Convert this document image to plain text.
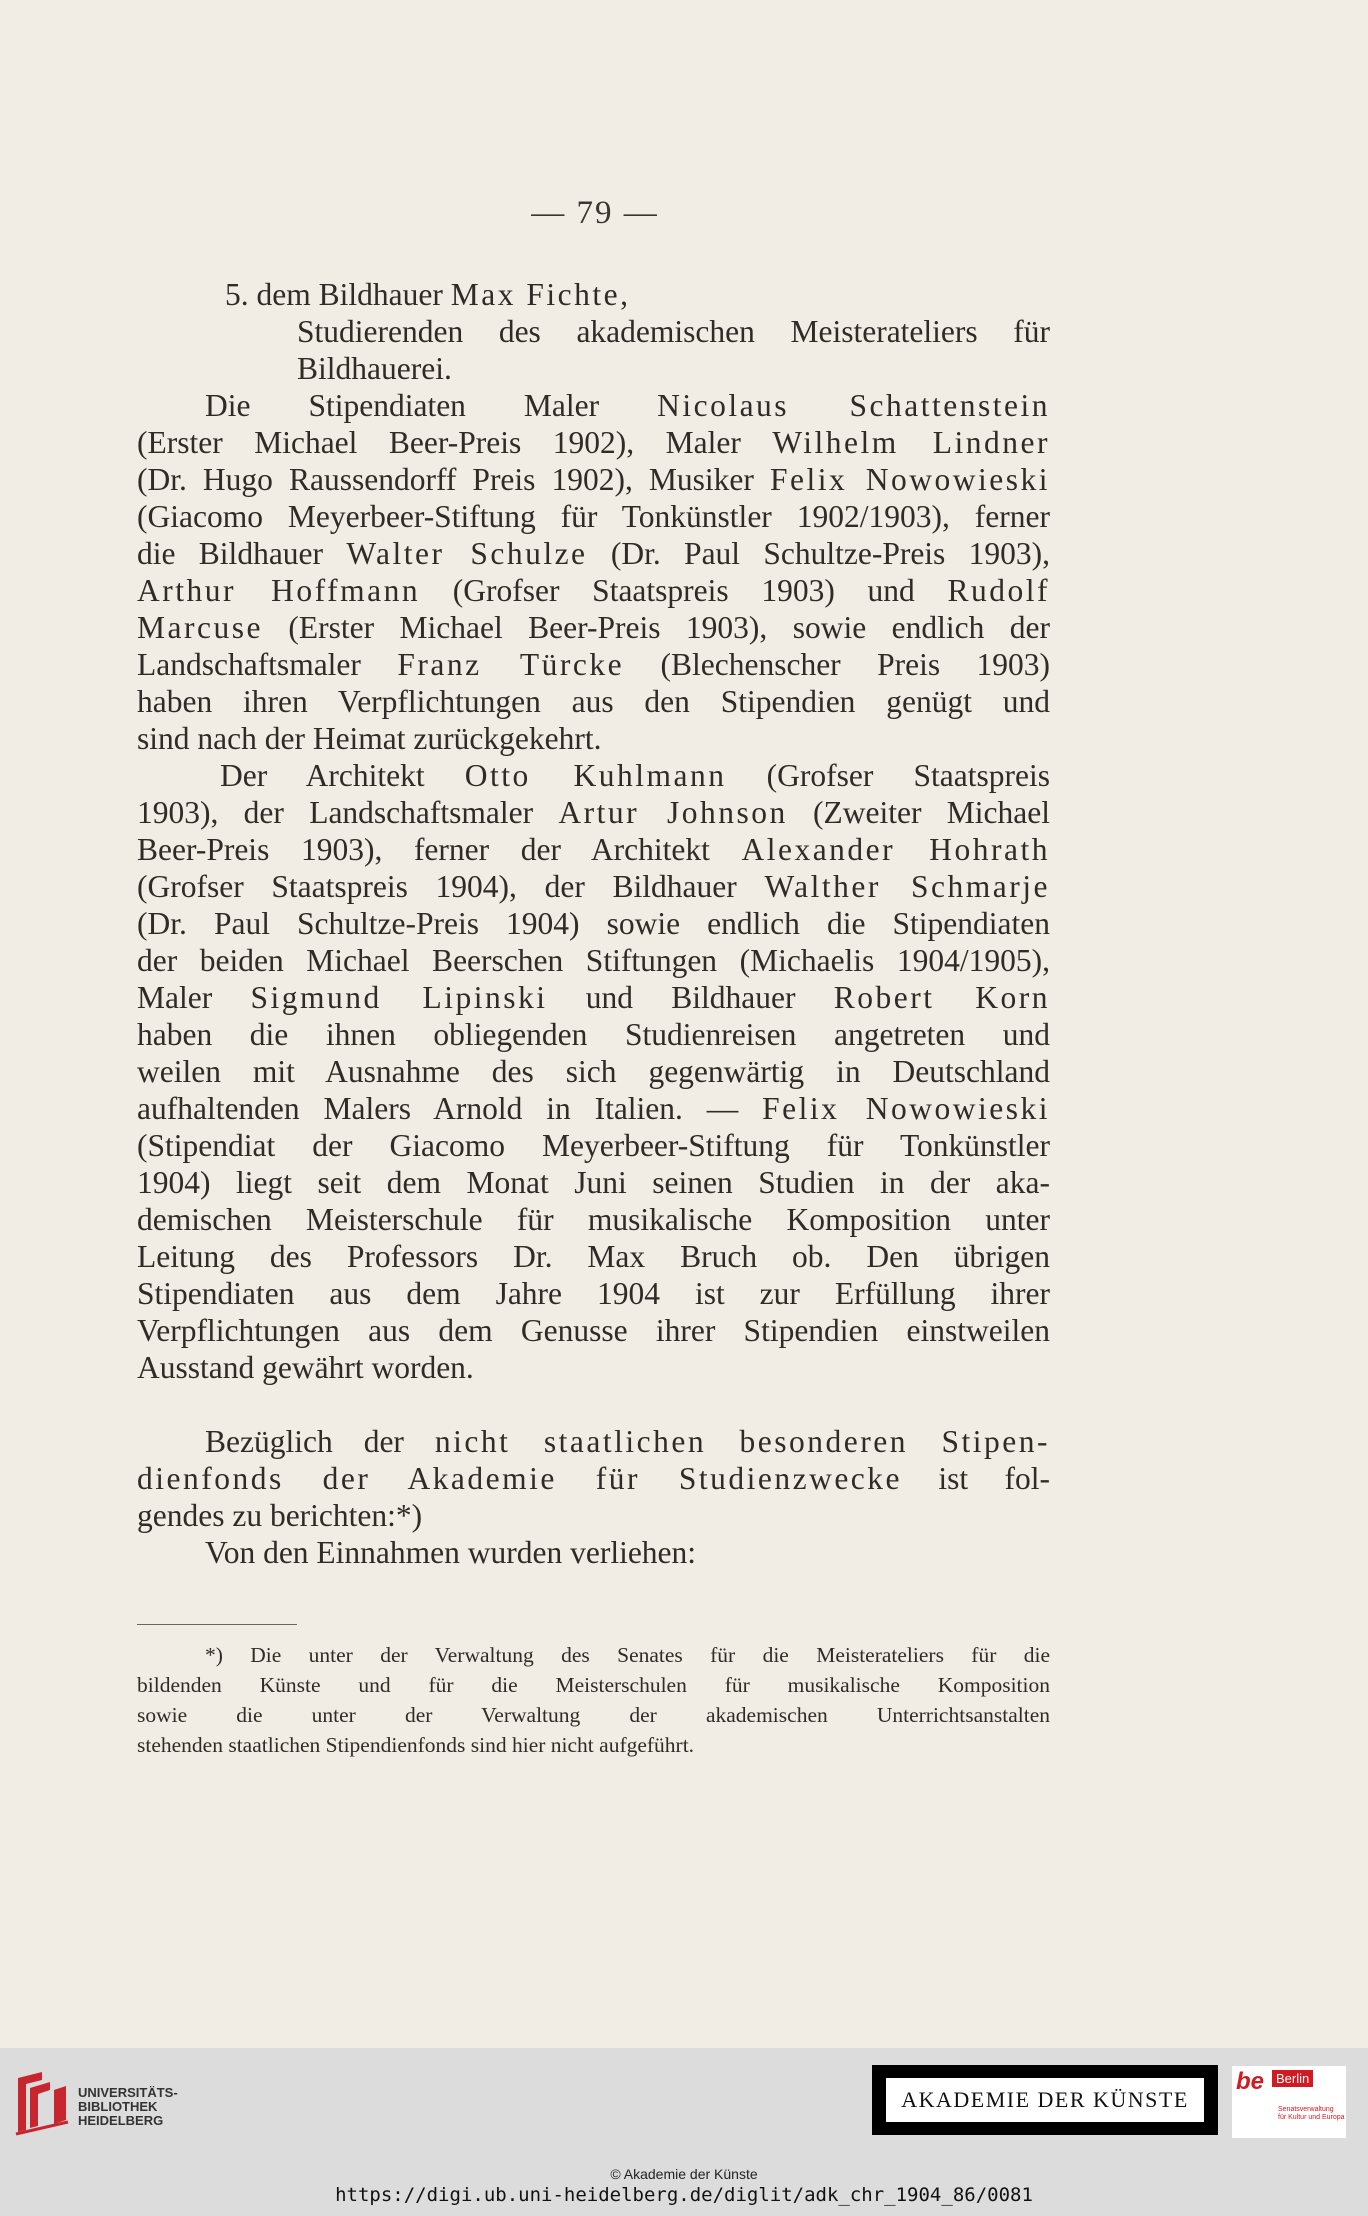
— 79 —
5. dem Bildhauer Max Fichte,
Studierenden des akademischen Meisterateliers für
Bildhauerei.
Die Stipendiaten Maler Nicolaus Schattenstein
(Erster Michael Beer-Preis 1902), Maler Wilhelm Lindner
(Dr. Hugo Raussendorff Preis 1902), Musiker Felix Nowowieski
(Giacomo Meyerbeer-Stiftung für Tonkünstler 1902/1903), ferner
die Bildhauer Walter Schulze (Dr. Paul Schultze-Preis 1903),
Arthur Hoffmann (Grofser Staatspreis 1903) und Rudolf
Marcuse (Erster Michael Beer-Preis 1903), sowie endlich der
Landschaftsmaler Franz Türcke (Blechenscher Preis 1903)
haben ihren Verpflichtungen aus den Stipendien genügt und
sind nach der Heimat zurückgekehrt.
Der Architekt Otto Kuhlmann (Grofser Staatspreis
1903), der Landschaftsmaler Artur Johnson (Zweiter Michael
Beer-Preis 1903), ferner der Architekt Alexander Hohrath
(Grofser Staatspreis 1904), der Bildhauer Walther Schmarje
(Dr. Paul Schultze-Preis 1904) sowie endlich die Stipendiaten
der beiden Michael Beerschen Stiftungen (Michaelis 1904/1905),
Maler Sigmund Lipinski und Bildhauer Robert Korn
haben die ihnen obliegenden Studienreisen angetreten und
weilen mit Ausnahme des sich gegenwärtig in Deutschland
aufhaltenden Malers Arnold in Italien. — Felix Nowowieski
(Stipendiat der Giacomo Meyerbeer-Stiftung für Tonkünstler
1904) liegt seit dem Monat Juni seinen Studien in der aka-
demischen Meisterschule für musikalische Komposition unter
Leitung des Professors Dr. Max Bruch ob. Den übrigen
Stipendiaten aus dem Jahre 1904 ist zur Erfüllung ihrer
Verpflichtungen aus dem Genusse ihrer Stipendien einstweilen
Ausstand gewährt worden.
Bezüglich der nicht staatlichen besonderen Stipen-
dienfonds der Akademie für Studienzwecke ist fol-
gendes zu berichten:*)
Von den Einnahmen wurden verliehen:
*) Die unter der Verwaltung des Senates für die Meisterateliers für die
bildenden Künste und für die Meisterschulen für musikalische Komposition
sowie die unter der Verwaltung der akademischen Unterrichtsanstalten
stehenden staatlichen Stipendienfonds sind hier nicht aufgeführt.
UNIVERSITÄTS-
BIBLIOTHEK
HEIDELBERG
AKADEMIE DER KÜNSTE
be Berlin
Senatsverwaltung
für Kultur und Europa
© Akademie der Künste
https://digi.ub.uni-heidelberg.de/diglit/adk_chr_1904_86/0081
